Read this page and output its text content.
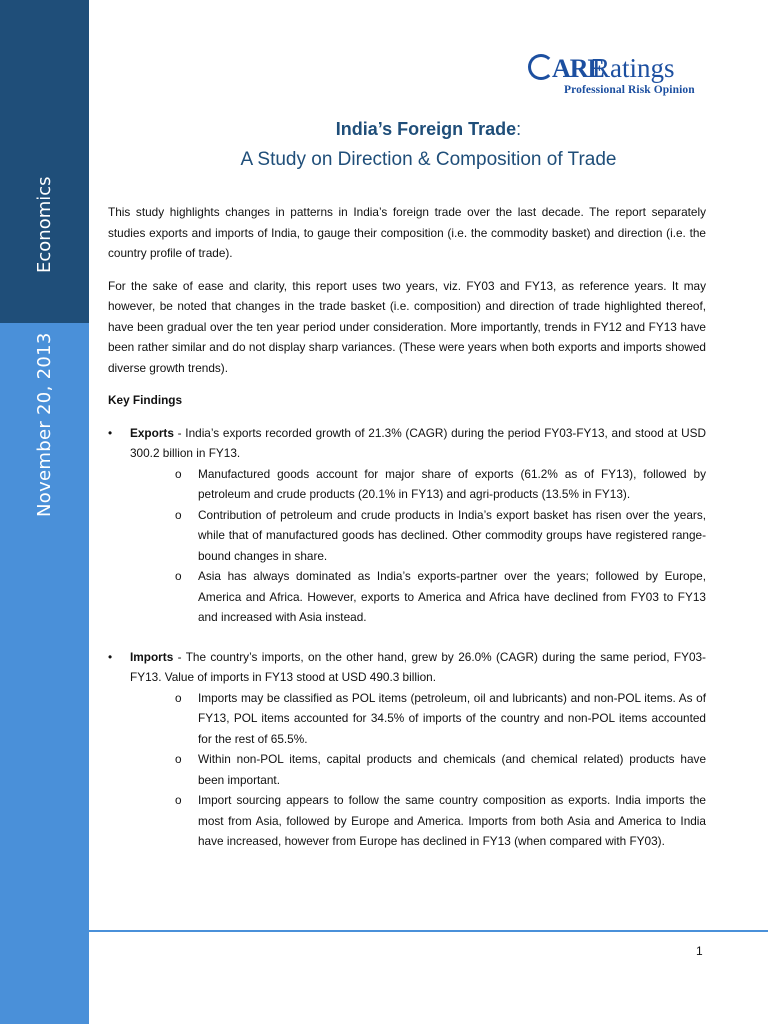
Economics
November 20, 2013
ARE
Ratings
Professional Risk Opinion
India’s Foreign Trade:
A Study on Direction & Composition of Trade

This study highlights changes in patterns in India’s foreign trade over the last decade. The report separately studies exports and imports of India, to gauge their composition (i.e. the commodity basket) and direction (i.e. the country profile of trade).

For the sake of ease and clarity, this report uses two years, viz. FY03 and FY13, as reference years. It may however, be noted that changes in the trade basket (i.e. composition) and direction of trade highlighted thereof, have been gradual over the ten year period under consideration. More importantly, trends in FY12 and FY13 have been rather similar and do not display sharp variances. (These were years when both exports and imports showed diverse growth trends).

Key Findings

• Exports - India’s exports recorded growth of 21.3% (CAGR) during the period FY03-FY13, and stood at USD 300.2 billion in FY13.
o Manufactured goods account for major share of exports (61.2% as of FY13), followed by petroleum and crude products (20.1% in FY13) and agri-products (13.5% in FY13).
o Contribution of petroleum and crude products in India’s export basket has risen over the years, while that of manufactured goods has declined. Other commodity groups have registered range-bound changes in share.
o Asia has always dominated as India’s exports-partner over the years; followed by Europe, America and Africa. However, exports to America and Africa have declined from FY03 to FY13 and increased with Asia instead.
• Imports - The country’s imports, on the other hand, grew by 26.0% (CAGR) during the same period, FY03-FY13. Value of imports in FY13 stood at USD 490.3 billion.
o Imports may be classified as POL items (petroleum, oil and lubricants) and non-POL items. As of FY13, POL items accounted for 34.5% of imports of the country and non-POL items accounted for the rest of 65.5%.
o Within non-POL items, capital products and chemicals (and chemical related) products have been important.
o Import sourcing appears to follow the same country composition as exports. India imports the most from Asia, followed by Europe and America. Imports from both Asia and America to India have increased, however from Europe has declined in FY13 (when compared with FY03).
1
